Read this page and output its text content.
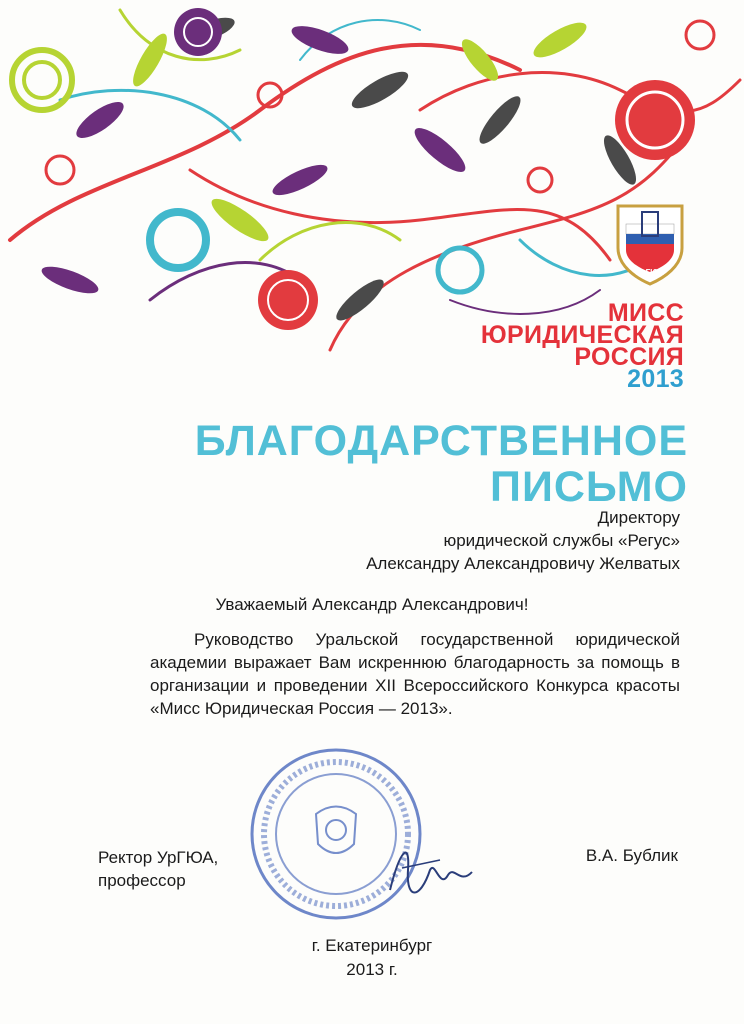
УрГЮА
МИСС
ЮРИДИЧЕСКАЯ
РОССИЯ
2013
БЛАГОДАРСТВЕННОЕ
ПИСЬМО
Директору
юридической службы «Регус»
Александру Александровичу Желватых
Уважаемый Александр Александрович!
Руководство Уральской государственной юридической академии выражает Вам искреннюю благодарность за помощь в организации и проведении XII Всероссийского Конкурса красоты «Мисс Юридическая Россия — 2013».
Ректор УрГЮА,
профессор
В.А. Бублик
г. Екатеринбург
2013 г.
